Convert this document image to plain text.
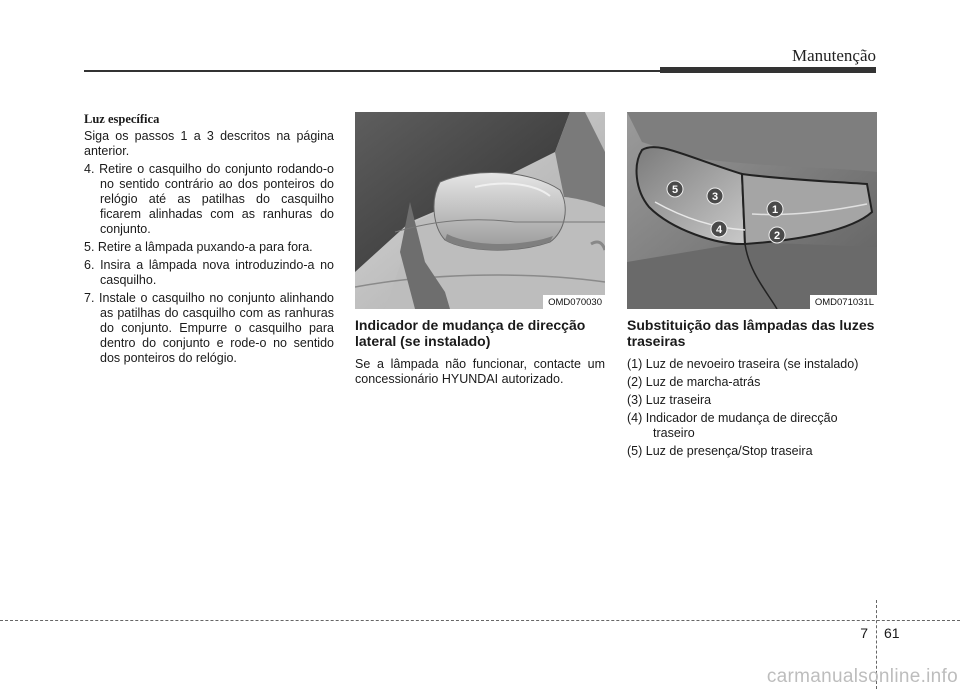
Manutenção
Luz específica

Siga os passos 1 a 3 descritos na página anterior.

4. Retire o casquilho do conjunto rodando-o no sentido contrário ao dos ponteiros do relógio até as patilhas do casquilho ficarem alinhadas com as ranhuras do conjunto.
5. Retire a lâmpada puxando-a para fora.
6. Insira a lâmpada nova introduzindo-a no casquilho.
7. Instale o casquilho no conjunto alinhando as patilhas do casquilho com as ranhuras do conjunto. Empurre o casquilho para dentro do conjunto e rode-o no sentido dos ponteiros do relógio.
OMD070030
Indicador de mudança de direcção lateral (se instalado)

Se a lâmpada não funcionar, contacte um concessionário HYUNDAI autorizado.

1
2
3
4
5
OMD071031L
Substituição das lâmpadas das luzes traseiras
(1) Luz de nevoeiro traseira (se instalado)
(2) Luz de marcha-atrás
(3) Luz traseira
(4) Indicador de mudança de direcção traseiro
(5) Luz de presença/Stop traseira
7 61
carmanualsonline.info
